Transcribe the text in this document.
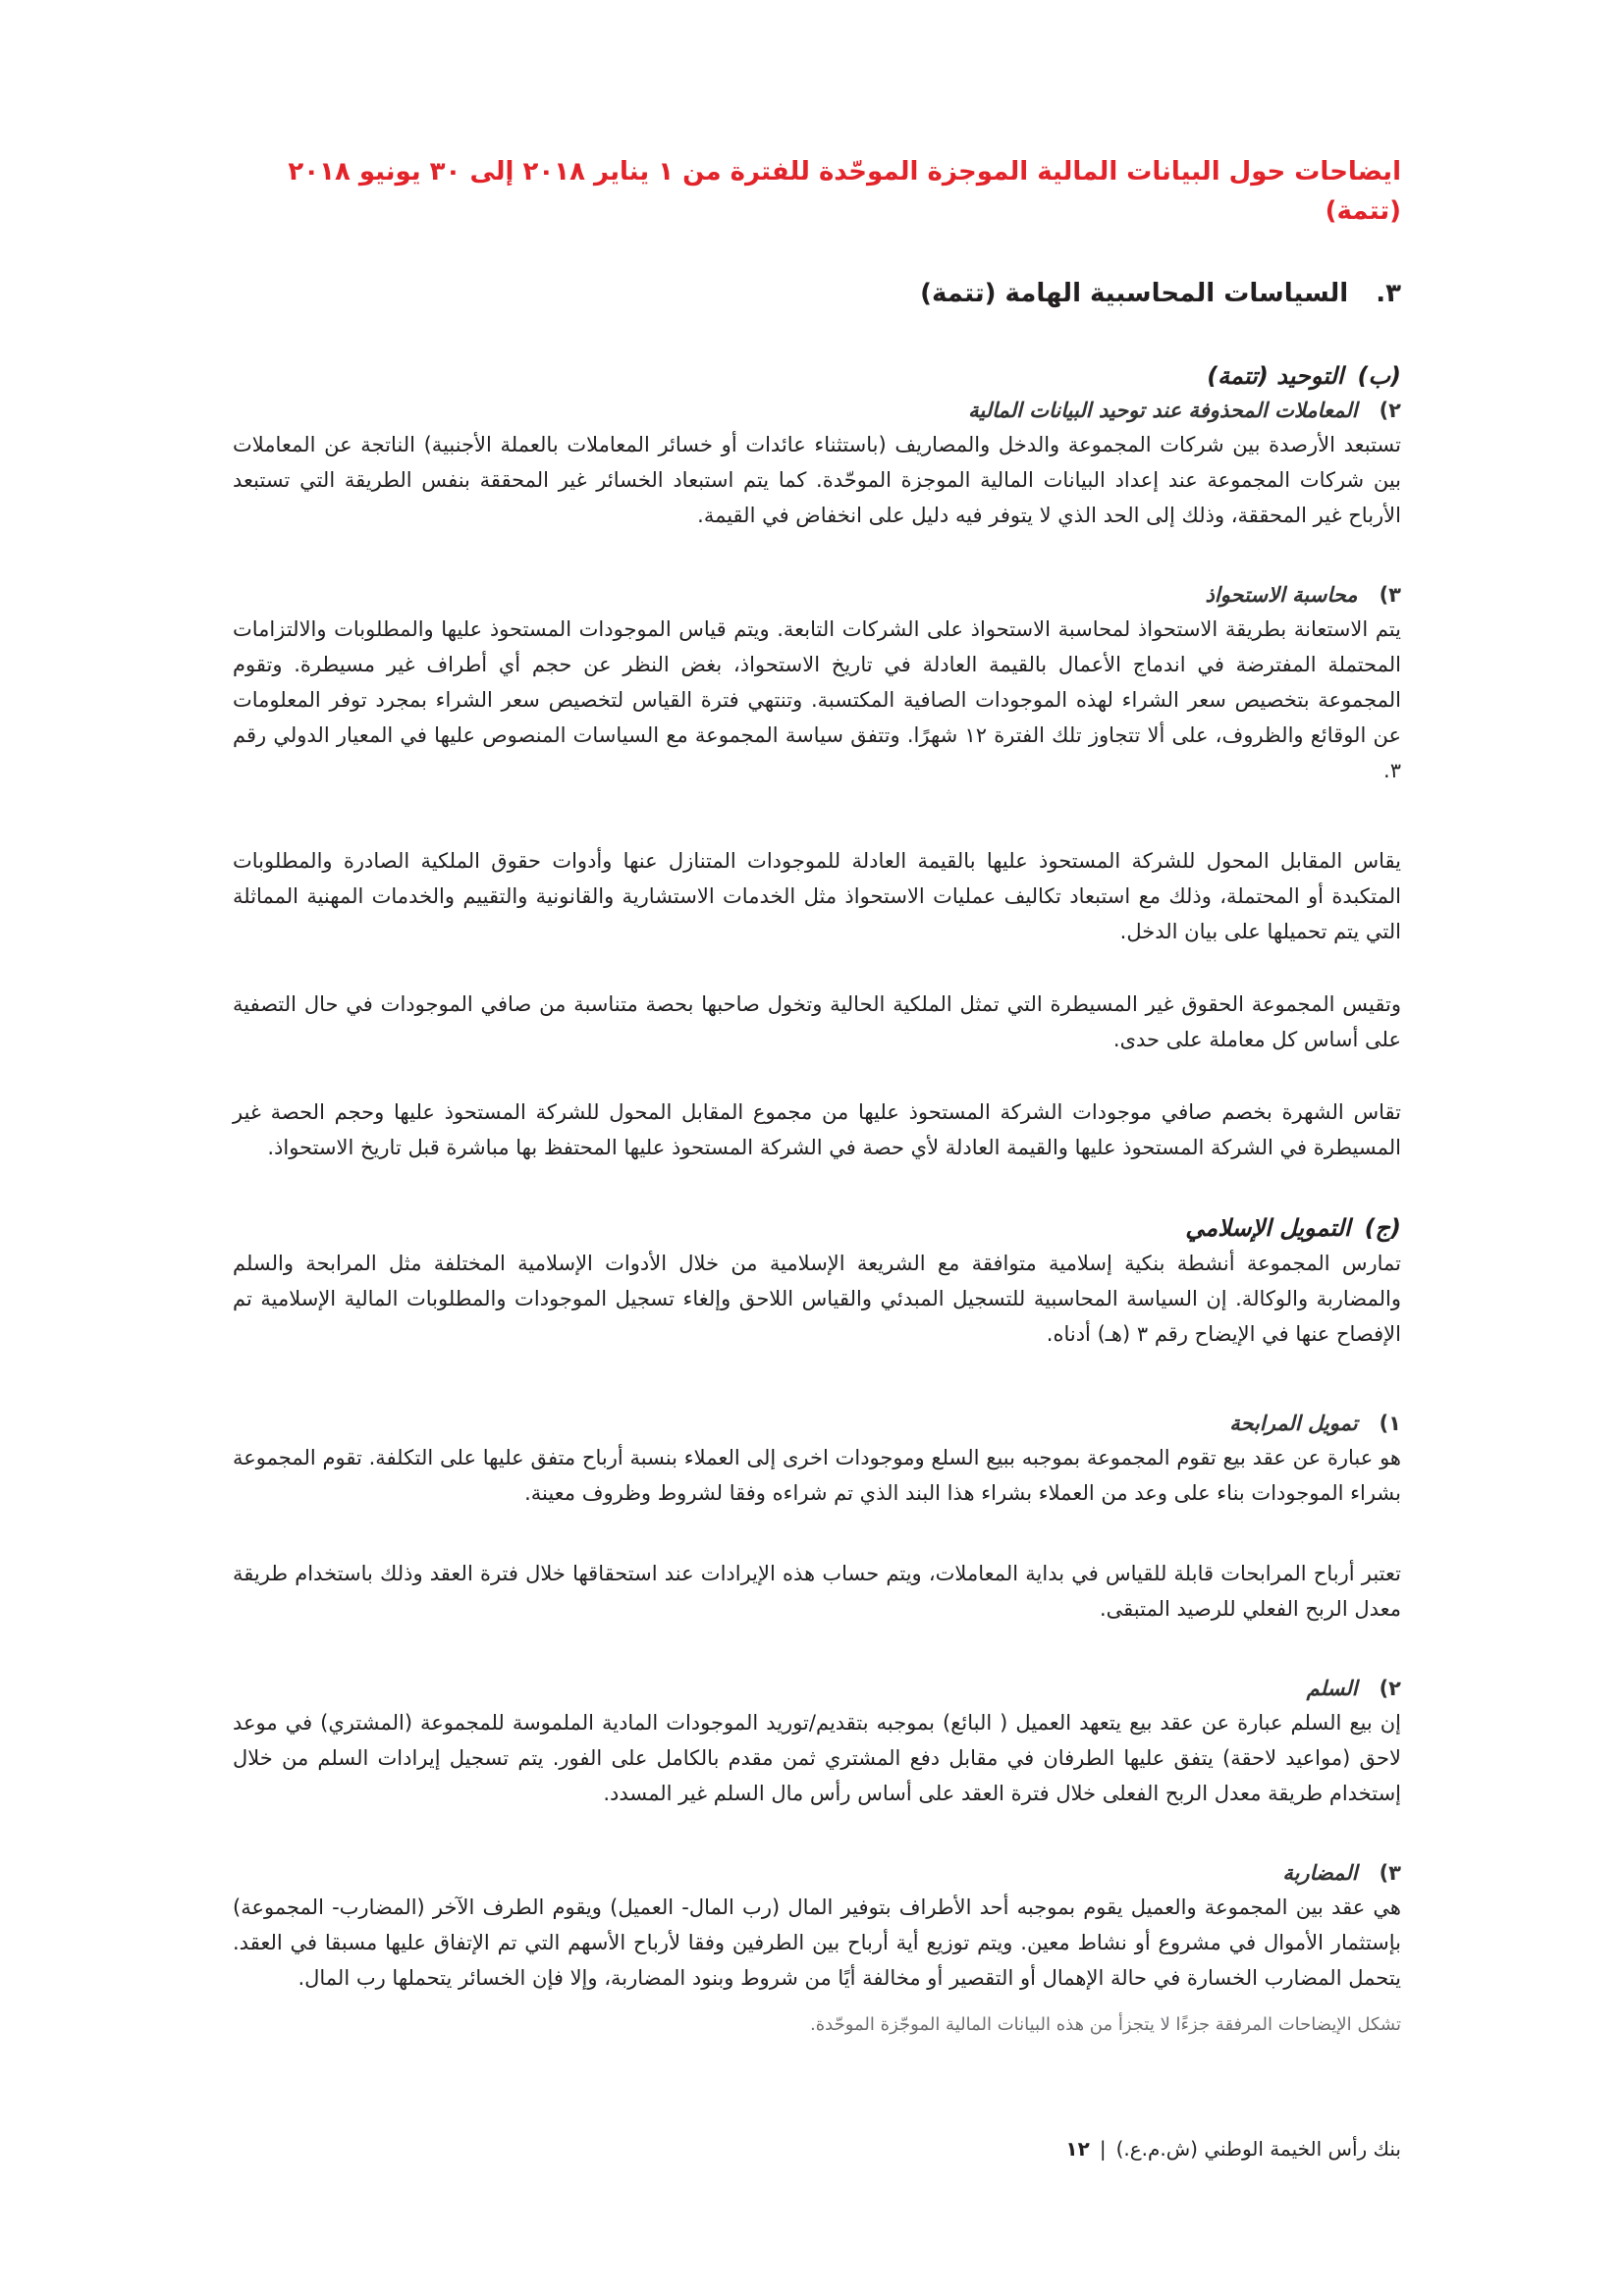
ايضاحات حول البيانات المالية الموجزة الموحّدة للفترة من ١ يناير ٢٠١٨ إلى ٣٠ يونيو ٢٠١٨ (تتمة)
٣.السياسات المحاسبية الهامة (تتمة)
(ب)التوحيد (تتمة)
٢)المعاملات المحذوفة عند توحيد البيانات المالية

تستبعد الأرصدة بين شركات المجموعة والدخل والمصاريف (باستثناء عائدات أو خسائر المعاملات بالعملة الأجنبية) الناتجة عن المعاملات بين شركات المجموعة عند إعداد البيانات المالية الموجزة الموحّدة. كما يتم استبعاد الخسائر غير المحققة بنفس الطريقة التي تستبعد الأرباح غير المحققة، وذلك إلى الحد الذي لا يتوفر فيه دليل على انخفاض في القيمة.

٣)محاسبة الاستحواذ

يتم الاستعانة بطريقة الاستحواذ لمحاسبة الاستحواذ على الشركات التابعة. ويتم قياس الموجودات المستحوذ عليها والمطلوبات والالتزامات المحتملة المفترضة في اندماج الأعمال بالقيمة العادلة في تاريخ الاستحواذ، بغض النظر عن حجم أي أطراف غير مسيطرة. وتقوم المجموعة بتخصيص سعر الشراء لهذه الموجودات الصافية المكتسبة. وتنتهي فترة القياس لتخصيص سعر الشراء بمجرد توفر المعلومات عن الوقائع والظروف، على ألا تتجاوز تلك الفترة ١٢ شهرًا. وتتفق سياسة المجموعة مع السياسات المنصوص عليها في المعيار الدولي رقم ٣.

يقاس المقابل المحول للشركة المستحوذ عليها بالقيمة العادلة للموجودات المتنازل عنها وأدوات حقوق الملكية الصادرة والمطلوبات المتكبدة أو المحتملة، وذلك مع استبعاد تكاليف عمليات الاستحواذ مثل الخدمات الاستشارية والقانونية والتقييم والخدمات المهنية المماثلة التي يتم تحميلها على بيان الدخل.

وتقيس المجموعة الحقوق غير المسيطرة التي تمثل الملكية الحالية وتخول صاحبها بحصة متناسبة من صافي الموجودات في حال التصفية على أساس كل معاملة على حدى.

تقاس الشهرة بخصم صافي موجودات الشركة المستحوذ عليها من مجموع المقابل المحول للشركة المستحوذ عليها وحجم الحصة غير المسيطرة في الشركة المستحوذ عليها والقيمة العادلة لأي حصة في الشركة المستحوذ عليها المحتفظ بها مباشرة قبل تاريخ الاستحواذ.

(ج)التمويل الإسلامي

تمارس المجموعة أنشطة بنكية إسلامية متوافقة مع الشريعة الإسلامية من خلال الأدوات الإسلامية المختلفة مثل المرابحة والسلم والمضاربة والوكالة. إن السياسة المحاسبية للتسجيل المبدئي والقياس اللاحق وإلغاء تسجيل الموجودات والمطلوبات المالية الإسلامية تم الإفصاح عنها في الإيضاح رقم ٣ (هـ) أدناه.

١)تمويل المرابحة

هو عبارة عن عقد بيع تقوم المجموعة بموجبه ببيع السلع وموجودات اخرى إلى العملاء بنسبة أرباح متفق عليها على التكلفة. تقوم المجموعة بشراء الموجودات بناء على وعد من العملاء بشراء هذا البند الذي تم شراءه وفقا لشروط وظروف معينة.

تعتبر أرباح المرابحات قابلة للقياس في بداية المعاملات، ويتم حساب هذه الإيرادات عند استحقاقها خلال فترة العقد وذلك باستخدام طريقة معدل الربح الفعلي للرصيد المتبقى.

٢)السلم

إن بيع السلم عبارة عن عقد بيع يتعهد العميل ( البائع) بموجبه بتقديم/توريد الموجودات المادية الملموسة للمجموعة (المشتري) في موعد لاحق (مواعيد لاحقة) يتفق عليها الطرفان في مقابل دفع المشتري ثمن مقدم بالكامل على الفور. يتم تسجيل إيرادات السلم من خلال إستخدام طريقة معدل الربح الفعلى خلال فترة العقد على أساس رأس مال السلم غير المسدد.

٣)المضاربة

هي عقد بين المجموعة والعميل يقوم بموجبه أحد الأطراف بتوفير المال (رب المال- العميل) ويقوم الطرف الآخر (المضارب- المجموعة) بإستثمار الأموال في مشروع أو نشاط معين. ويتم توزيع أية أرباح بين الطرفين وفقا لأرباح الأسهم التي تم الإتفاق عليها مسبقا في العقد. يتحمل المضارب الخسارة في حالة الإهمال أو التقصير أو مخالفة أيًا من شروط وبنود المضاربة، وإلا فإن الخسائر يتحملها رب المال.

تشكل الإيضاحات المرفقة جزءًا لا يتجزأ من هذه البيانات المالية الموجّزة الموحّدة.
بنك رأس الخيمة الوطني (ش.م.ع.)|١٢
